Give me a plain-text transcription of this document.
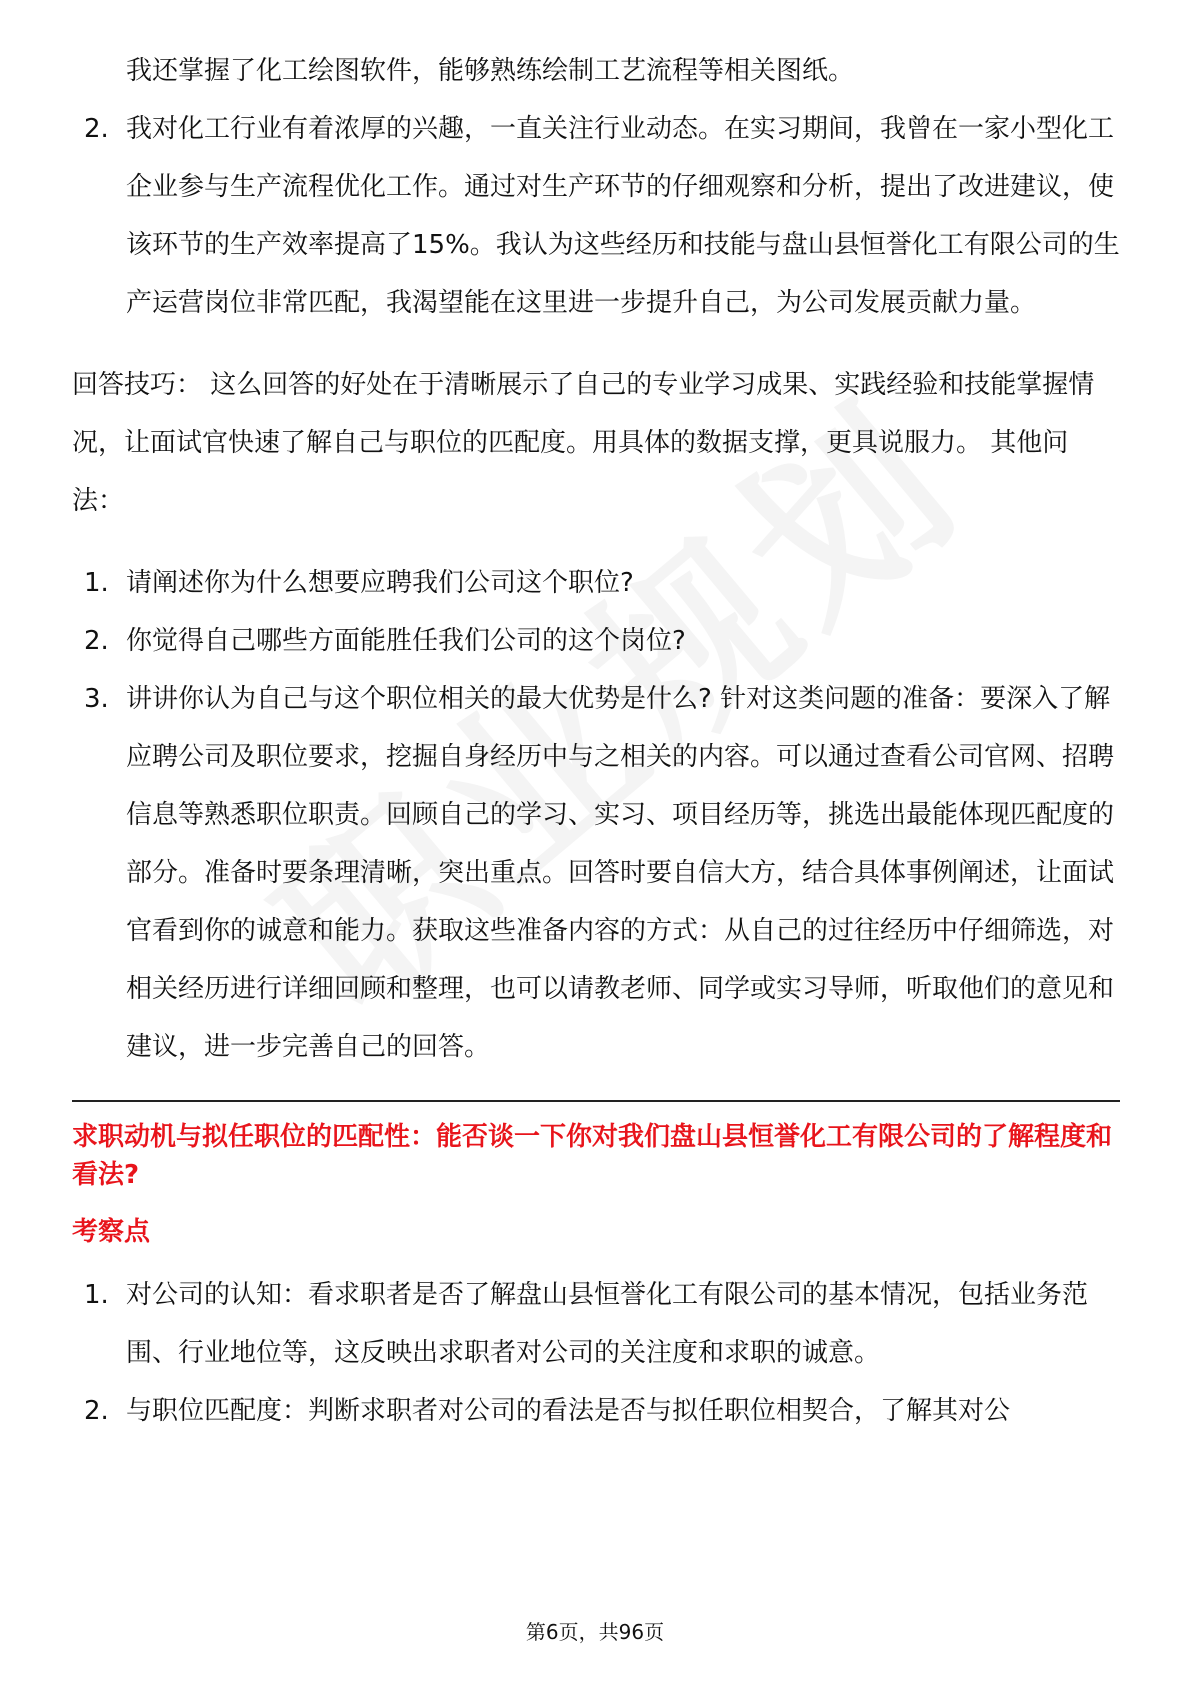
我还掌握了化工绘图软件，能够熟练绘制工艺流程等相关图纸。

2. 我对化工行业有着浓厚的兴趣，一直关注行业动态。在实习期间，我曾在一家小型化工企业参与生产流程优化工作。通过对生产环节的仔细观察和分析，提出了改进建议，使该环节的生产效率提高了15%。我认为这些经历和技能与盘山县恒誉化工有限公司的生产运营岗位非常匹配，我渴望能在这里进一步提升自己，为公司发展贡献力量。

回答技巧： 这么回答的好处在于清晰展示了自己的专业学习成果、实践经验和技能掌握情况，让面试官快速了解自己与职位的匹配度。用具体的数据支撑，更具说服力。 其他问法：

1. 请阐述你为什么想要应聘我们公司这个职位?
2. 你觉得自己哪些方面能胜任我们公司的这个岗位?
3. 讲讲你认为自己与这个职位相关的最大优势是什么? 针对这类问题的准备：要深入了解应聘公司及职位要求，挖掘自身经历中与之相关的内容。可以通过查看公司官网、招聘信息等熟悉职位职责。回顾自己的学习、实习、项目经历等，挑选出最能体现匹配度的部分。准备时要条理清晰，突出重点。回答时要自信大方，结合具体事例阐述，让面试官看到你的诚意和能力。获取这些准备内容的方式：从自己的过往经历中仔细筛选，对相关经历进行详细回顾和整理，也可以请教老师、同学或实习导师，听取他们的意见和建议，进一步完善自己的回答。

求职动机与拟任职位的匹配性：能否谈一下你对我们盘山县恒誉化工有限公司的了解程度和看法?

考察点
1. 对公司的认知：看求职者是否了解盘山县恒誉化工有限公司的基本情况，包括业务范围、行业地位等，这反映出求职者对公司的关注度和求职的诚意。
2. 与职位匹配度：判断求职者对公司的看法是否与拟任职位相契合，了解其对公
第6页，共96页
